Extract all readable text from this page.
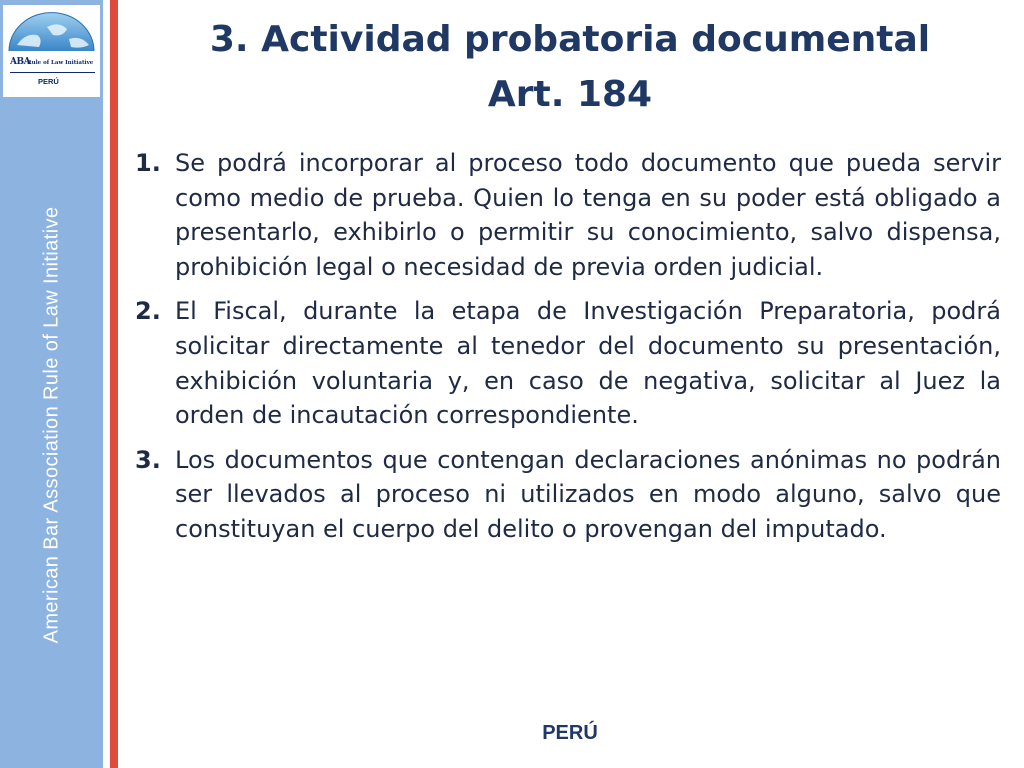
ABA
Rule of Law Initiative
PERÚ
American Bar Association Rule of Law Initiative
3. Actividad probatoria documental
Art. 184
1. Se podrá incorporar al proceso todo documento que pueda servir como medio de prueba. Quien lo tenga en su poder está obligado a presentarlo, exhibirlo o permitir su conocimiento, salvo dispensa, prohibición legal o necesidad de previa orden judicial.
2. El Fiscal, durante la etapa de Investigación Preparatoria, podrá solicitar directamente al tenedor del documento su presentación, exhibición voluntaria y, en caso de negativa, solicitar al Juez la orden de incautación correspondiente.
3. Los documentos que contengan declaraciones anónimas no podrán ser llevados al proceso ni utilizados en modo alguno, salvo que constituyan el cuerpo del delito o provengan del imputado.
PERÚ
